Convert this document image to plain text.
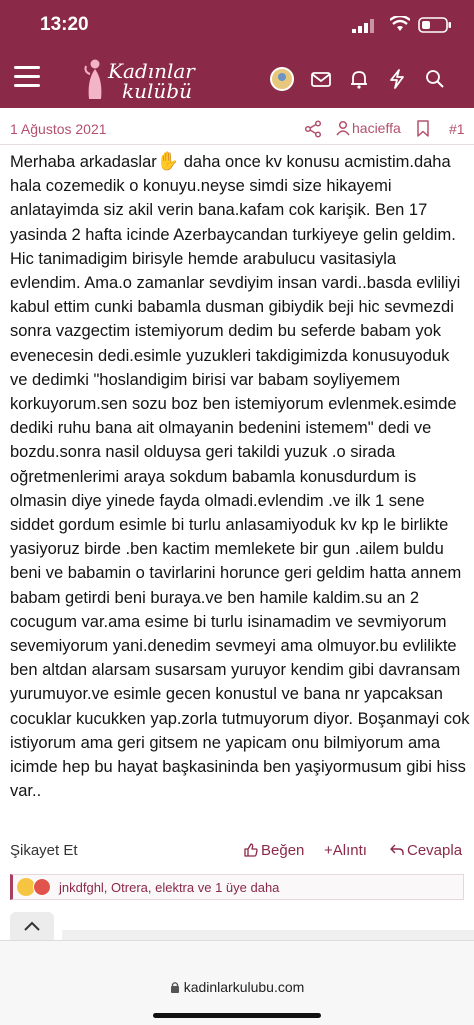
13:20
Kadınlar
kulübü
1 Ağustos 2021	hacieffa	#1
Merhaba arkadaslar✋ daha once kv konusu acmistim.daha hala cozemedik o konuyu.neyse simdi size hikayemi anlatayimda siz akil verin bana.kafam cok karişik. Ben 17 yasinda 2 hafta icinde Azerbaycandan turkiyeye gelin geldim. Hic tanimadigim birisyle hemde arabulucu vasitasiyla evlendim. Ama.o zamanlar sevdiyim insan vardi..basda evliliyi kabul ettim cunki babamla dusman gibiydik beji hic sevmezdi sonra vazgectim istemiyorum dedim bu seferde babam yok evenecesin dedi.esimle yuzukleri takdigimizda konusuyoduk ve dedimki "hoslandigim birisi var babam soyliyemem korkuyorum.sen sozu boz ben istemiyorum evlenmek.esimde dediki ruhu bana ait olmayanin bedenini istemem" dedi ve bozdu.sonra nasil olduysa geri takildi yuzuk .o sirada oğretmenlerimi araya sokdum babamla konusdurdum is olmasin diye yinede fayda olmadi.evlendim .ve ilk 1 sene siddet gordum esimle bi turlu anlasamiyoduk kv kp le birlikte yasiyoruz birde .ben kactim memlekete bir gun .ailem buldu beni ve babamin o tavirlarini horunce geri geldim hatta annem babam getirdi beni buraya.ve ben hamile kaldim.su an 2 cocugum var.ama esime bi turlu isinamadim ve sevmiyorum sevemiyorum yani.denedim sevmeyi ama olmuyor.bu evlilikte ben altdan alarsam susarsam yuruyor kendim gibi davransam yurumuyor.ve esimle gecen konustul ve bana nr yapcaksan cocuklar kucukken yap.zorla tutmuyorum diyor. Boşanmayi cok istiyorum ama geri gitsem ne yapicam onu bilmiyorum ama icimde hep bu hayat başkasininda ben yaşiyormusum gibi hiss var..
Şikayet Et	Beğen +Alıntı	Cevapla
jnkdfghl, Otrera, elektra ve 1 üye daha
kadinlarkulubu.com
